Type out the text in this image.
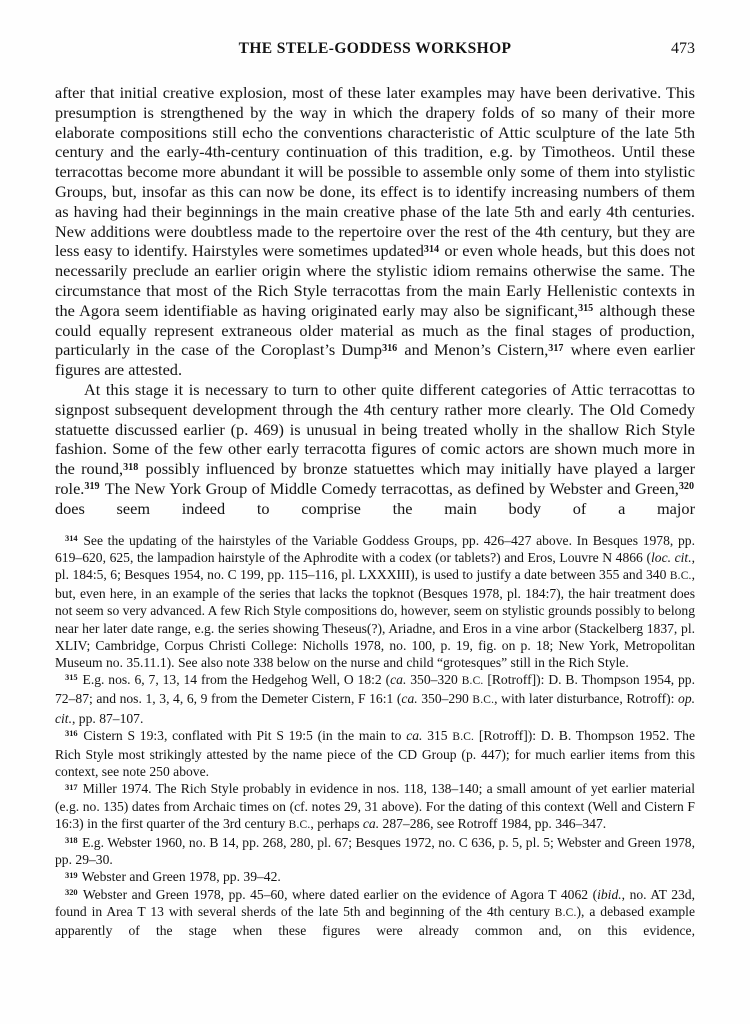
THE STELE-GODDESS WORKSHOP	473

after that initial creative explosion, most of these later examples may have been derivative. This presumption is strengthened by the way in which the drapery folds of so many of their more elaborate compositions still echo the conventions characteristic of Attic sculpture of the late 5th century and the early-4th-century continuation of this tradition, e.g. by Timotheos. Until these terracottas become more abundant it will be possible to assemble only some of them into stylistic Groups, but, insofar as this can now be done, its effect is to identify increasing numbers of them as having had their beginnings in the main creative phase of the late 5th and early 4th centuries. New additions were doubtless made to the repertoire over the rest of the 4th century, but they are less easy to identify. Hairstyles were sometimes updated$^{314}$ or even whole heads, but this does not necessarily preclude an earlier origin where the stylistic idiom remains otherwise the same. The circumstance that most of the Rich Style terracottas from the main Early Hellenistic contexts in the Agora seem identifiable as having originated early may also be significant,$^{315}$ although these could equally represent extraneous older material as much as the final stages of production, particularly in the case of the Coroplast’s Dump$^{316}$ and Menon’s Cistern,$^{317}$ where even earlier figures are attested.

At this stage it is necessary to turn to other quite different categories of Attic terracottas to signpost subsequent development through the 4th century rather more clearly. The Old Comedy statuette discussed earlier (p. 469) is unusual in being treated wholly in the shallow Rich Style fashion. Some of the few other early terracotta figures of comic actors are shown much more in the round,$^{318}$ possibly influenced by bronze statuettes which may initially have played a larger role.$^{319}$ The New York Group of Middle Comedy terracottas, as defined by Webster and Green,$^{320}$ does seem indeed to comprise the main body of a major

$^{314}$ See the updating of the hairstyles of the Variable Goddess Groups, pp. 426–427 above. In Besques 1978, pp. 619–620, 625, the lampadion hairstyle of the Aphrodite with a codex (or tablets?) and Eros, Louvre N 4866 (loc. cit., pl. 184:5, 6; Besques 1954, no. C 199, pp. 115–116, pl. LXXXIII), is used to justify a date between 355 and 340 B.C., but, even here, in an example of the series that lacks the topknot (Besques 1978, pl. 184:7), the hair treatment does not seem so very advanced. A few Rich Style compositions do, however, seem on stylistic grounds possibly to belong near her later date range, e.g. the series showing Theseus(?), Ariadne, and Eros in a vine arbor (Stackelberg 1837, pl. XLIV; Cambridge, Corpus Christi College: Nicholls 1978, no. 100, p. 19, fig. on p. 18; New York, Metropolitan Museum no. 35.11.1). See also note 338 below on the nurse and child “grotesques” still in the Rich Style.

$^{315}$ E.g. nos. 6, 7, 13, 14 from the Hedgehog Well, O 18:2 (ca. 350–320 B.C. [Rotroff]): D. B. Thompson 1954, pp. 72–87; and nos. 1, 3, 4, 6, 9 from the Demeter Cistern, F 16:1 (ca. 350–290 B.C., with later disturbance, Rotroff): op. cit., pp. 87–107.

$^{316}$ Cistern S 19:3, conflated with Pit S 19:5 (in the main to ca. 315 B.C. [Rotroff]): D. B. Thompson 1952. The Rich Style most strikingly attested by the name piece of the CD Group (p. 447); for much earlier items from this context, see note 250 above.

$^{317}$ Miller 1974. The Rich Style probably in evidence in nos. 118, 138–140; a small amount of yet earlier material (e.g. no. 135) dates from Archaic times on (cf. notes 29, 31 above). For the dating of this context (Well and Cistern F 16:3) in the first quarter of the 3rd century B.C., perhaps ca. 287–286, see Rotroff 1984, pp. 346–347.

$^{318}$ E.g. Webster 1960, no. B 14, pp. 268, 280, pl. 67; Besques 1972, no. C 636, p. 5, pl. 5; Webster and Green 1978, pp. 29–30.

$^{319}$ Webster and Green 1978, pp. 39–42.

$^{320}$ Webster and Green 1978, pp. 45–60, where dated earlier on the evidence of Agora T 4062 (ibid., no. AT 23d, found in Area T 13 with several sherds of the late 5th and beginning of the 4th century B.C.), a debased example apparently of the stage when these figures were already common and, on this evidence,
